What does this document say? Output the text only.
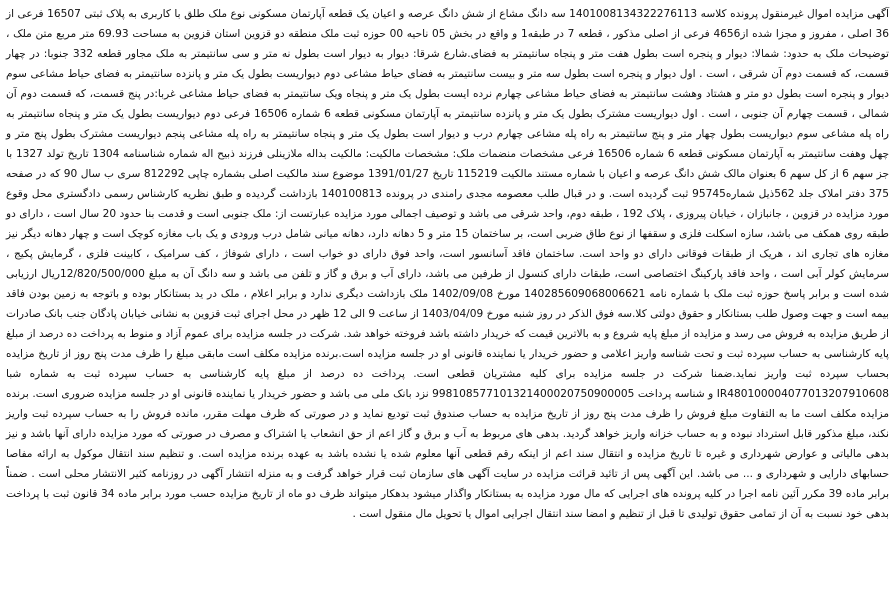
آگهی مزایده اموال غیرمنقول پرونده کلاسه 1401008134322276113 سه دانگ مشاع از شش دانگ عرصه و اعیان یک قطعه آپارتمان مسکونی نوع ملک طلق با کاربری به پلاک ثبتی 16507 فرعی از 36 اصلی ، مفروز و مجزا شده از4656 فرعی از اصلی مذکور ، قطعه 7 در طبقه1 و واقع در بخش 05 ناحیه 00 حوزه ثبت ملک منطقه دو قزوین استان قزوین به مساحت 69.93 متر مربع متن ملک ، توضیحات ملک به حدود: شمالا: دیوار و پنجره است بطول هفت متر و پنجاه سانتیمتر به فضای.شارع شرقا: دیوار به دیوار است بطول نه متر و سی سانتیمتر به ملک مجاور قطعه 332 جنوبا: در چهار قسمت، که قسمت دوم آن شرقی ، است . اول دیوار و پنجره است بطول سه متر و بیست سانتیمتر به فضای حیاط مشاعی دوم دیواریست بطول یک متر و پانزده سانتیمتر به فضای حیاط مشاعی سوم دیوار و پنجره است بطول دو متر و هشتاد وهشت سانتیمتر به فضای حیاط مشاعی چهارم نرده ایست بطول یک متر و پنجاه ویک سانتیمتر به فضای حیاط مشاعی غربا:در پنج قسمت، که قسمت دوم آن شمالی ، قسمت چهارم آن جنوبی ، است . اول دیواریست مشترک بطول یک متر و پانزده سانتیمتر به آپارتمان مسکونی قطعه 6 شماره 16506 فرعی دوم دیواریست بطول یک متر و پنجاه سانتیمتر به راه پله مشاعی سوم دیواریست بطول چهار متر و پنج سانتیمتر به راه پله مشاعی چهارم درب و دیوار است بطول یک متر و پنجاه سانتیمتر به راه پله مشاعی پنجم دیواریست مشترک بطول پنج متر و چهل وهفت سانتیمتر به آپارتمان مسکونی قطعه 6 شماره 16506 فرعی مشخصات منضمات ملک: مشخصات مالکیت: مالکیت بداله ملازینلی فرزند ذبیح اله شماره شناسنامه 1304 تاریخ تولد 1327 با جز سهم 6 از کل سهم 6 بعنوان مالک شش دانگ عرصه و اعیان با شماره مستند مالکیت 115219 تاریخ 1391/01/27 موضوع سند مالکیت اصلی بشماره چاپی 812292 سری ب سال 90 که در صفحه 375 دفتر املاک جلد 562ذیل شماره95745 ثبت گردیده است. و در قبال طلب معصومه مجدی رامندی در پرونده 140100813 بازداشت گردیده و طبق نظریه کارشناس رسمی دادگستری محل وقوع مورد مزایده در قزوین ، جانبازان ، خیابان پیروزی ، پلاک 192 ، طبقه دوم، واحد شرقی می باشد و توصیف اجمالی مورد مزایده عبارتست از: ملک جنوبی است و قدمت بنا حدود 20 سال است ، دارای دو طبقه روی همکف می باشد، سازه اسکلت فلزی و سقفها از نوع طاق ضربی است، بر ساختمان 15 متر و 5 دهانه دارد، دهانه میانی شامل درب ورودی و یک باب مغازه کوچک است و چهار دهانه دیگر نیز مغازه های تجاری اند ، هریک از طبقات فوقانی دارای دو واحد است. ساختمان فاقد آسانسور است، واحد فوق دارای دو خواب است ، دارای شوفاژ ، کف سرامیک ، کابینت فلزی ، گرمایش پکیج ، سرمایش کولر آبی است ، واحد فاقد پارکینگ اختصاصی است، طبقات دارای کنسول از طرفین می باشد، دارای آب و برق و گاز و تلفن می باشد و سه دانگ آن به مبلغ 12/820/500/000ریال ارزیابی شده است و برابر پاسخ حوزه ثبت ملک با شماره نامه 140285609068006621 مورخ 1402/09/08 ملک بازداشت دیگری ندارد و برابر اعلام ، ملک در ید بستانکار بوده و باتوجه به زمین بودن فاقد بیمه است و جهت وصول طلب بستانکار و حقوق دولتی کلا.سه فوق الذکر در روز شنبه مورخ 1403/04/09 از ساعت 9 الی 12 ظهر در محل اجرای ثبت قزوین به نشانی خیابان پادگان جنب بانک صادرات از طریق مزایده به فروش می رسد و مزایده از مبلغ پایه شروع و به بالاترین قیمت که خریدار داشته باشد فروخته خواهد شد. شرکت در جلسه مزایده برای عموم آزاد و منوط به پرداخت ده درصد از مبلغ پایه کارشناسی به حساب سپرده ثبت و تحت شناسه واریز اعلامی و حضور خریدار یا نماینده قانونی او در جلسه مزایده است.برنده مزایده مکلف است مابقی مبلغ را ظرف مدت پنج روز از تاریخ مزایده بحساب سپرده ثبت واریز نماید.ضمنا شرکت در جلسه مزایده برای کلیه مشتریان قطعی است. پرداخت ده درصد از مبلغ پایه کارشناسی به حساب سپرده ثبت به شماره شبا IR480100004077013207910608 و شناسه پرداخت 998108577101321400020750900005 نزد بانک ملی می باشد و حضور خریدار یا نماینده قانونی او در جلسه مزایده ضروری است. برنده مزایده مکلف است ما به التفاوت مبلغ فروش را ظرف مدت پنج روز از تاریخ مزایده به حساب صندوق ثبت تودیع نماید و در صورتی که ظرف مهلت مقرر، مانده فروش را به حساب سپرده ثبت واریز نکند، مبلغ مذکور قابل استرداد نبوده و به حساب خزانه واریز خواهد گردید. بدهی های مربوط به آب و برق و گاز اعم از حق انشعاب یا اشتراک و مصرف در صورتی که مورد مزایده دارای آنها باشد و نیز بدهی مالیاتی و عوارض شهرداری و غیره تا تاریخ مزایده و انتقال سند اعم از اینکه رقم قطعی آنها معلوم شده یا نشده باشد به عهده برنده مزایده است. و تنظیم سند انتقال موکول به ارائه مفاصا حسابهای دارایی و شهرداری و ... می باشد. این آگهی پس از تائید قرائت مزایده در سایت آگهی های سازمان ثبت قرار خواهد گرفت و به منزله انتشار آگهی در روزنامه کثیر الانتشار محلی است . ضمناً برابر ماده 39 مکرر آئین نامه اجرا در کلیه پرونده های اجرایی که مال مورد مزایده به بستانکار واگذار میشود بدهکار میتواند ظرف دو ماه از تاریخ مزایده حسب مورد برابر ماده 34 قانون ثبت با پرداخت بدهی خود نسبت به آن از تمامی حقوق تولیدی تا قبل از تنظیم و امضا سند انتقال اجرایی اموال یا تحویل مال منقول است .
